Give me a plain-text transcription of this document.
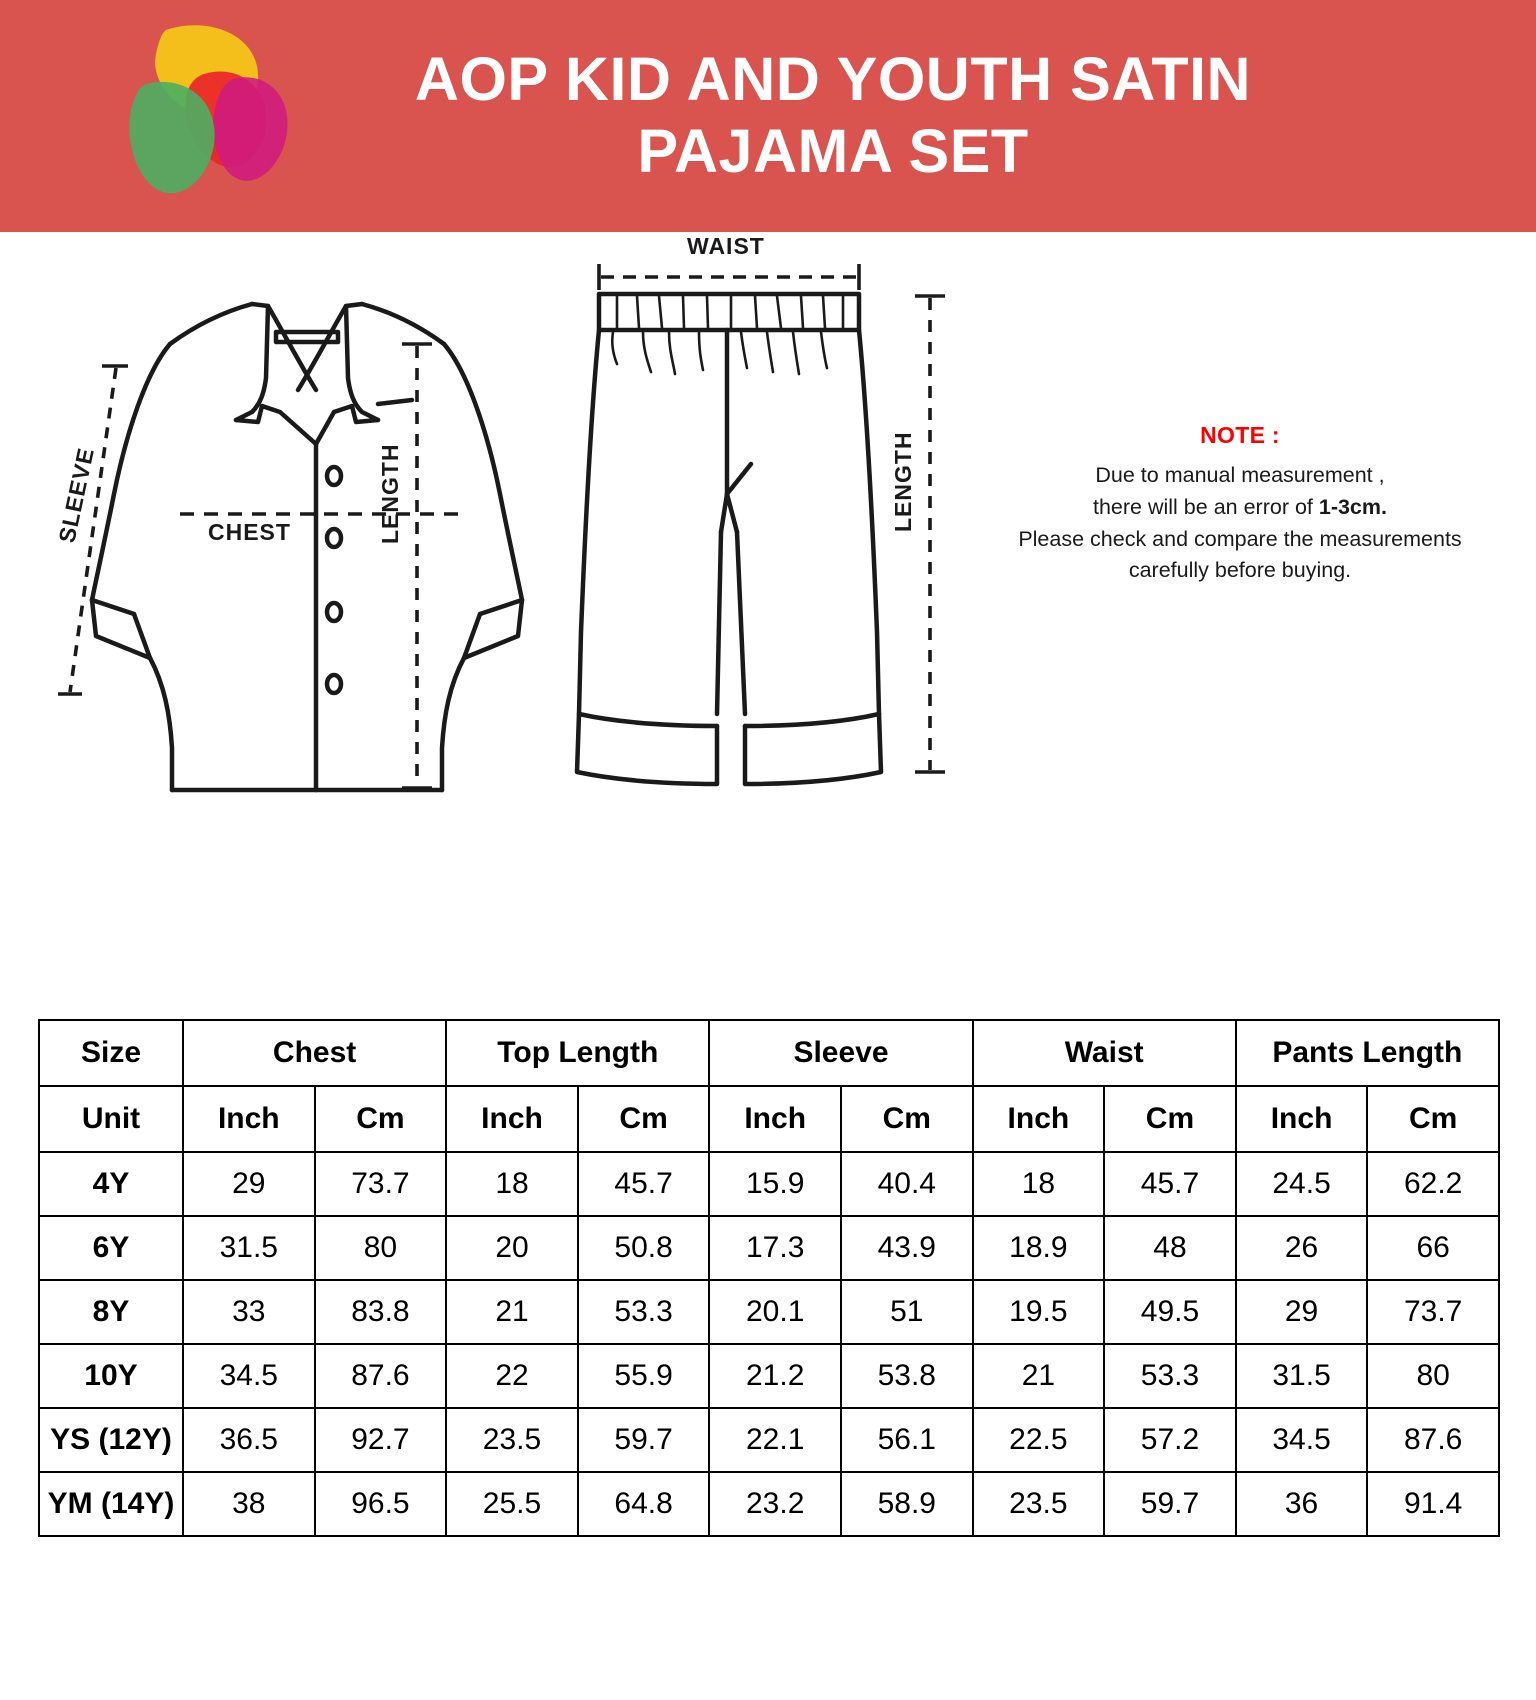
AOP KID AND YOUTH SATIN PAJAMA SET
SLEEVE	CHEST	LENGTH
WAIST
LENGTH	NOTE :
Due to manual measurement ,
there will be an error of 1-3cm.
Please check and compare the measurements
carefully before buying.
Size	Chest		Top Length		Sleeve		Waist		Pants Length	
Unit	Inch	Cm	Inch	Cm	Inch	Cm	Inch	Cm	Inch	Cm
4Y	29	73.7	18	45.7	15.9	40.4	18	45.7	24.5	62.2
6Y	31.5	80	20	50.8	17.3	43.9	18.9	48	26	66
8Y	33	83.8	21	53.3	20.1	51	19.5	49.5	29	73.7
10Y	34.5	87.6	22	55.9	21.2	53.8	21	53.3	31.5	80
YS (12Y)	36.5	92.7	23.5	59.7	22.1	56.1	22.5	57.2	34.5	87.6
YM (14Y)	38	96.5	25.5	64.8	23.2	58.9	23.5	59.7	36	91.4
